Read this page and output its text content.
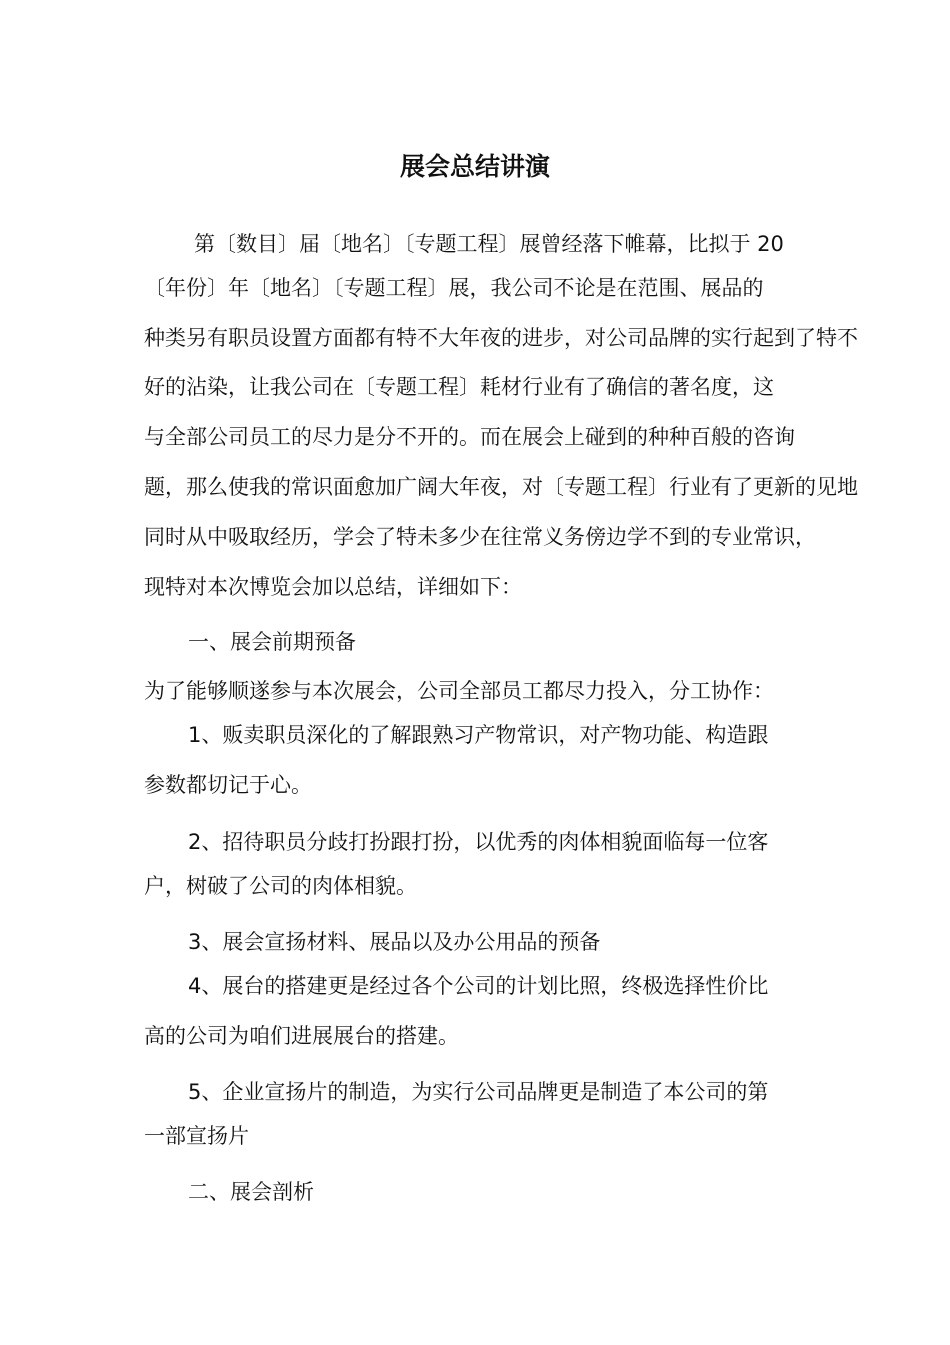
展会总结讲演

第〔数目〕届〔地名〕〔专题工程〕展曾经落下帷幕，比拟于 20

〔年份〕年〔地名〕〔专题工程〕展，我公司不论是在范围、展品的

种类另有职员设置方面都有特不大年夜的进步，对公司品牌的实行起到了特不

好的沾染，让我公司在〔专题工程〕耗材行业有了确信的著名度，这

与全部公司员工的尽力是分不开的。而在展会上碰到的种种百般的咨询

题，那么使我的常识面愈加广阔大年夜，对〔专题工程〕行业有了更新的见地

同时从中吸取经历，学会了特未多少在往常义务傍边学不到的专业常识，

现特对本次博览会加以总结，详细如下：

一、展会前期预备

为了能够顺遂参与本次展会，公司全部员工都尽力投入，分工协作：

1、贩卖职员深化的了解跟熟习产物常识，对产物功能、构造跟

参数都切记于心。

2、招待职员分歧打扮跟打扮，以优秀的肉体相貌面临每一位客

户，树破了公司的肉体相貌。

3、展会宣扬材料、展品以及办公用品的预备

4、展台的搭建更是经过各个公司的计划比照，终极选择性价比

高的公司为咱们进展展台的搭建。

5、企业宣扬片的制造，为实行公司品牌更是制造了本公司的第

一部宣扬片

二、展会剖析
